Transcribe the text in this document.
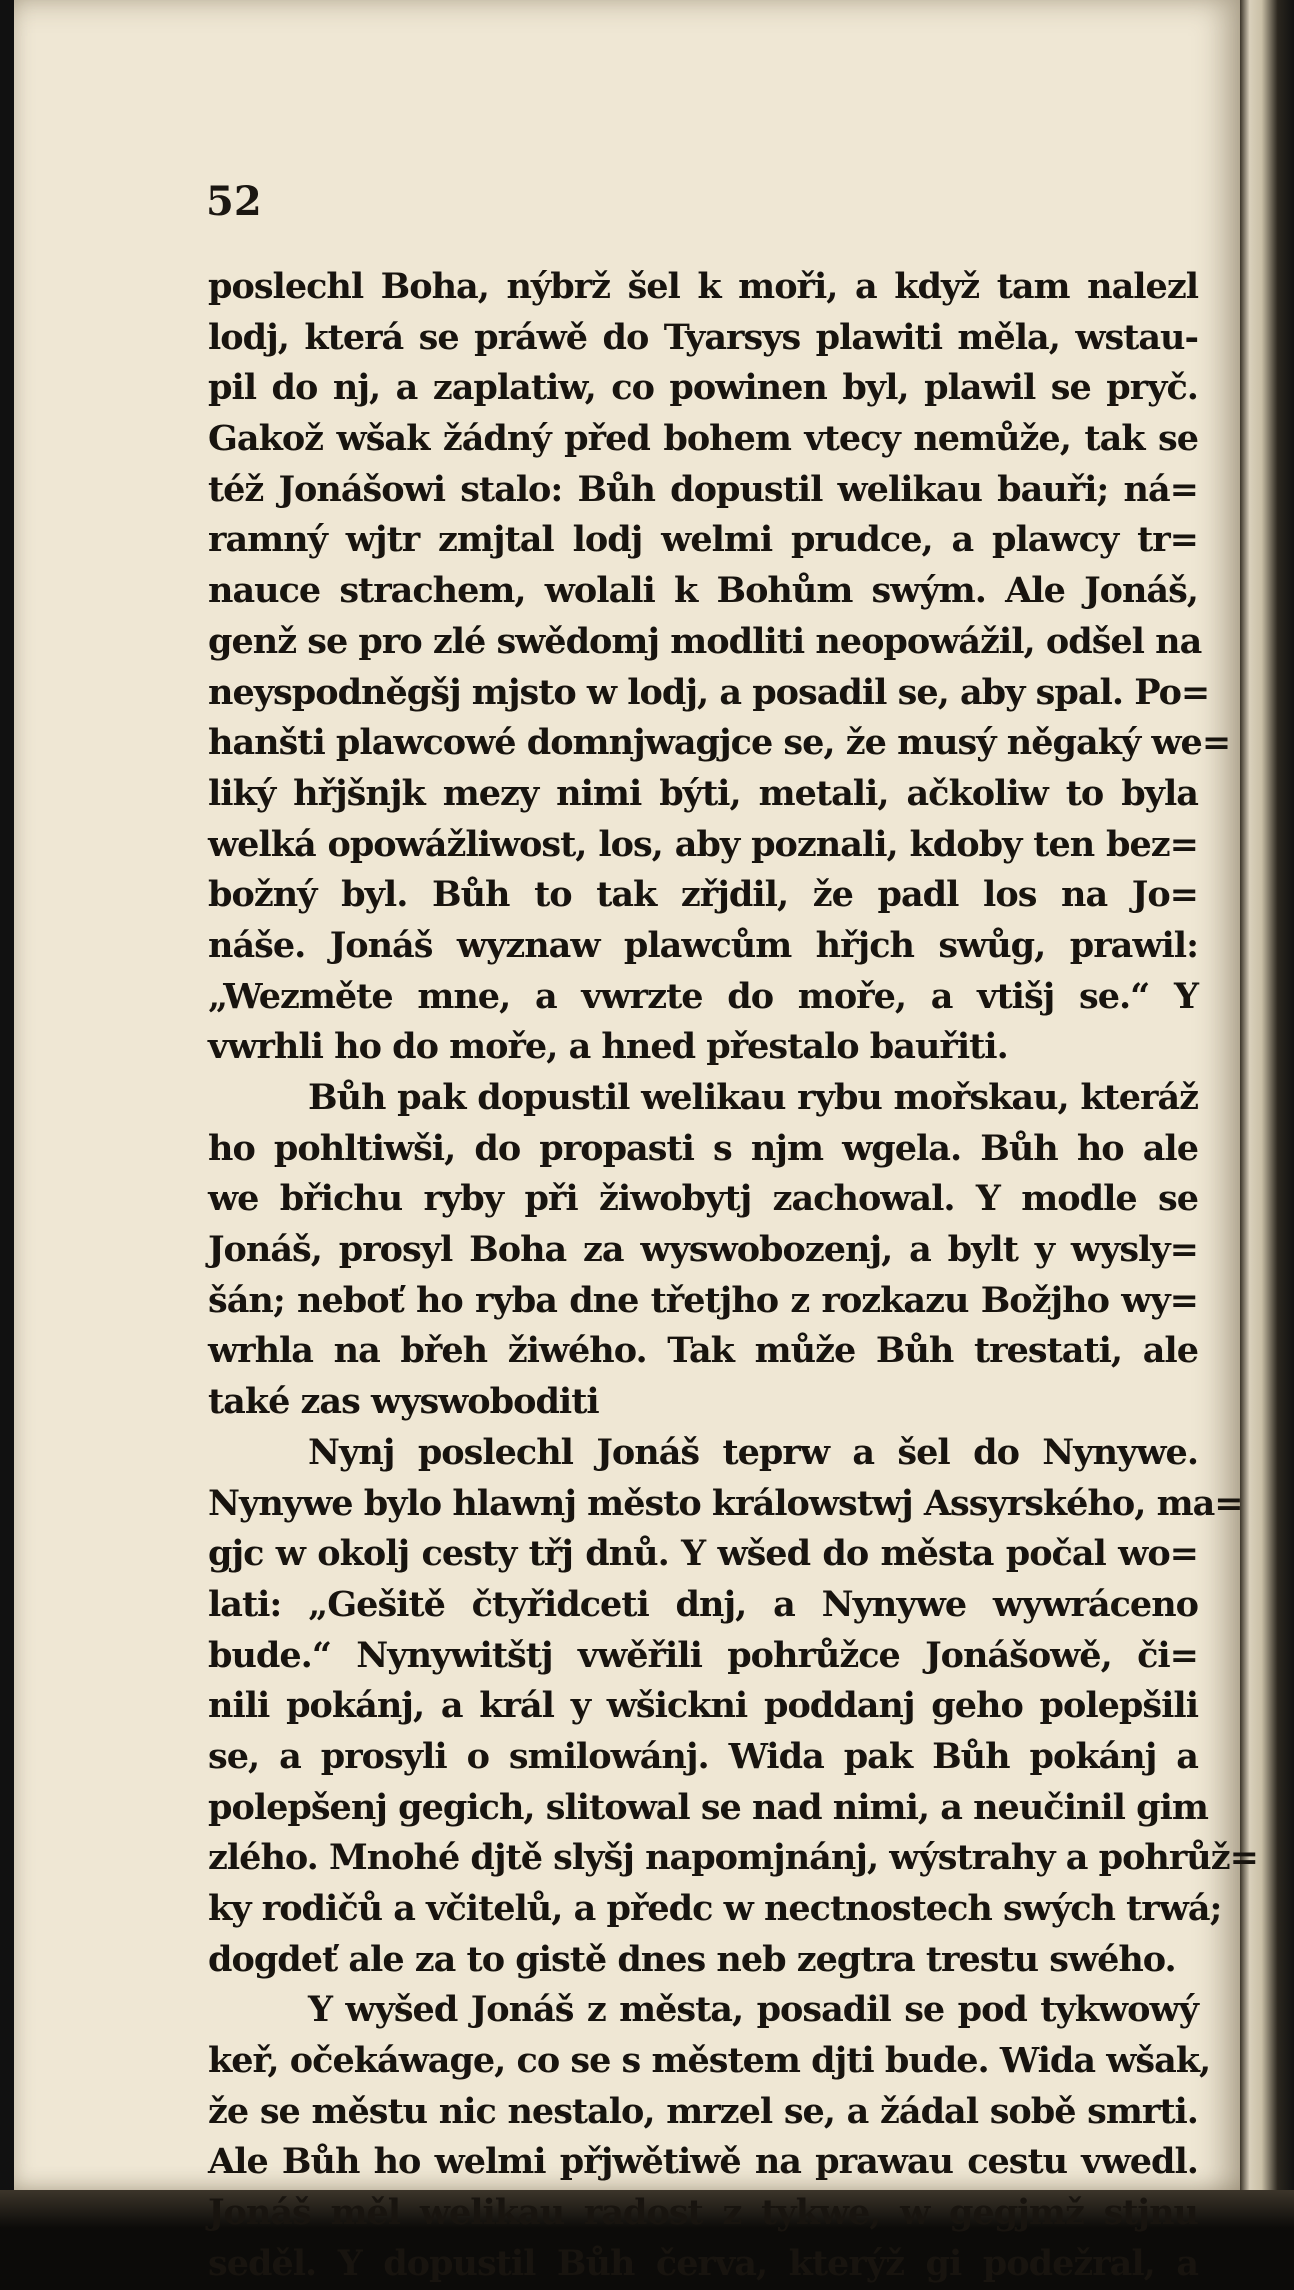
52
poslechl Boha, nýbrž šel k moři, a když tam nalezl
lodj, která se práwě do Tyarsys plawiti měla, wstau-
pil do nj, a zaplatiw, co powinen byl, plawil se pryč.
Gakož wšak žádný před bohem vtecy nemůže, tak se
též Jonášowi stalo: Bůh dopustil welikau bauři; ná=
ramný wjtr zmjtal lodj welmi prudce, a plawcy tr=
nauce strachem, wolali k Bohům swým. Ale Jonáš,
genž se pro zlé swědomj modliti neopowážil, odšel na
neyspodněgšj mjsto w lodj, a posadil se, aby spal. Po=
hanšti plawcowé domnjwagjce se, že musý něgaký we=
liký hřjšnjk mezy nimi býti, metali, ačkoliw to byla
welká opowážliwost, los, aby poznali, kdoby ten bez=
božný byl. Bůh to tak zřjdil, že padl los na Jo=
náše. Jonáš wyznaw plawcům hřjch swůg, prawil:
„Wezměte mne, a vwrzte do moře, a vtišj se.“ Y
vwrhli ho do moře, a hned přestalo bauřiti.
Bůh pak dopustil welikau rybu mořskau, kteráž
ho pohltiwši, do propasti s njm wgela. Bůh ho ale
we břichu ryby při žiwobytj zachowal. Y modle se
Jonáš, prosyl Boha za wyswobozenj, a bylt y wysly=
šán; neboť ho ryba dne třetjho z rozkazu Božjho wy=
wrhla na břeh žiwého. Tak může Bůh trestati, ale
také zas wyswoboditi
Nynj poslechl Jonáš teprw a šel do Nynywe.
Nynywe bylo hlawnj město králowstwj Assyrského, ma=
gjc w okolj cesty třj dnů. Y wšed do města počal wo=
lati: „Gešitě čtyřidceti dnj, a Nynywe wywráceno
bude.“ Nynywitštj vwěřili pohrůžce Jonášowě, či=
nili pokánj, a král y wšickni poddanj geho polepšili
se, a prosyli o smilowánj. Wida pak Bůh pokánj a
polepšenj gegich, slitowal se nad nimi, a neučinil gim
zlého. Mnohé djtě slyšj napomjnánj, wýstrahy a pohrůž=
ky rodičů a včitelů, a předc w nectnostech swých trwá;
dogdeť ale za to gistě dnes neb zegtra trestu swého.
Y wyšed Jonáš z města, posadil se pod tykwowý
keř, očekáwage, co se s městem djti bude. Wida wšak,
že se městu nic nestalo, mrzel se, a žádal sobě smrti.
Ale Bůh ho welmi přjwětiwě na prawau cestu vwedl.
Jonáš měl welikau radost z tykwe, w gegjmž stjnu
seděl. Y dopustil Bůh červa, kterýž gi podežral, a
